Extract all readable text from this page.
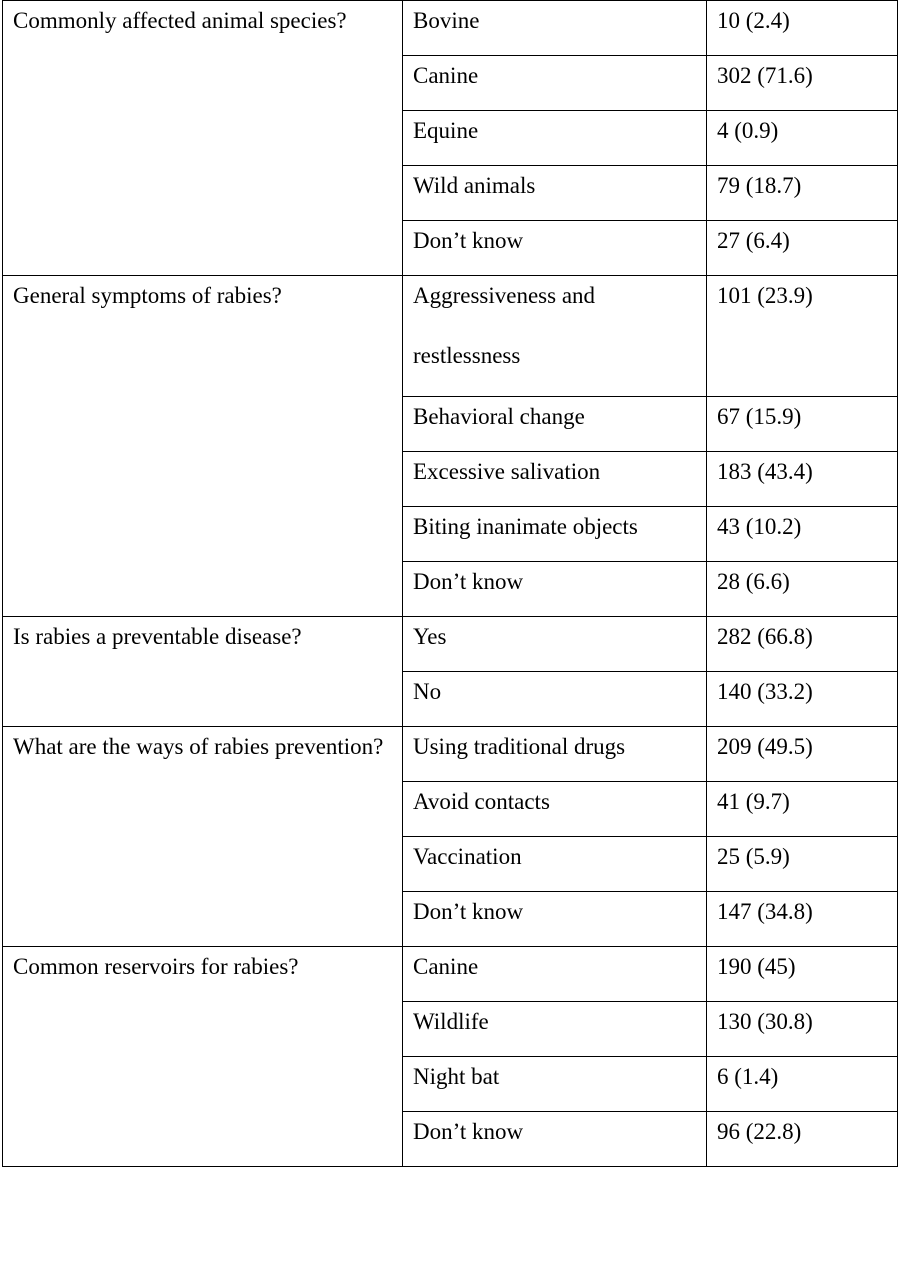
Commonly affected animal species?	Bovine	10 (2.4)

	Canine	302 (71.6)

	Equine	4 (0.9)

	Wild animals	79 (18.7)

	Don’t know	27 (6.4)

General symptoms of rabies?	Aggressiveness and restlessness	101 (23.9)

	Behavioral change	67 (15.9)

	Excessive salivation	183 (43.4)

	Biting inanimate objects	43 (10.2)

	Don’t know	28 (6.6)

Is rabies a preventable disease?	Yes	282 (66.8)

	No	140 (33.2)

What are the ways of rabies prevention?	Using traditional drugs	209 (49.5)

	Avoid contacts	41 (9.7)

	Vaccination	25 (5.9)

	Don’t know	147 (34.8)

Common reservoirs for rabies?	Canine	190 (45)

	Wildlife	130 (30.8)

	Night bat	6 (1.4)

	Don’t know	96 (22.8)
